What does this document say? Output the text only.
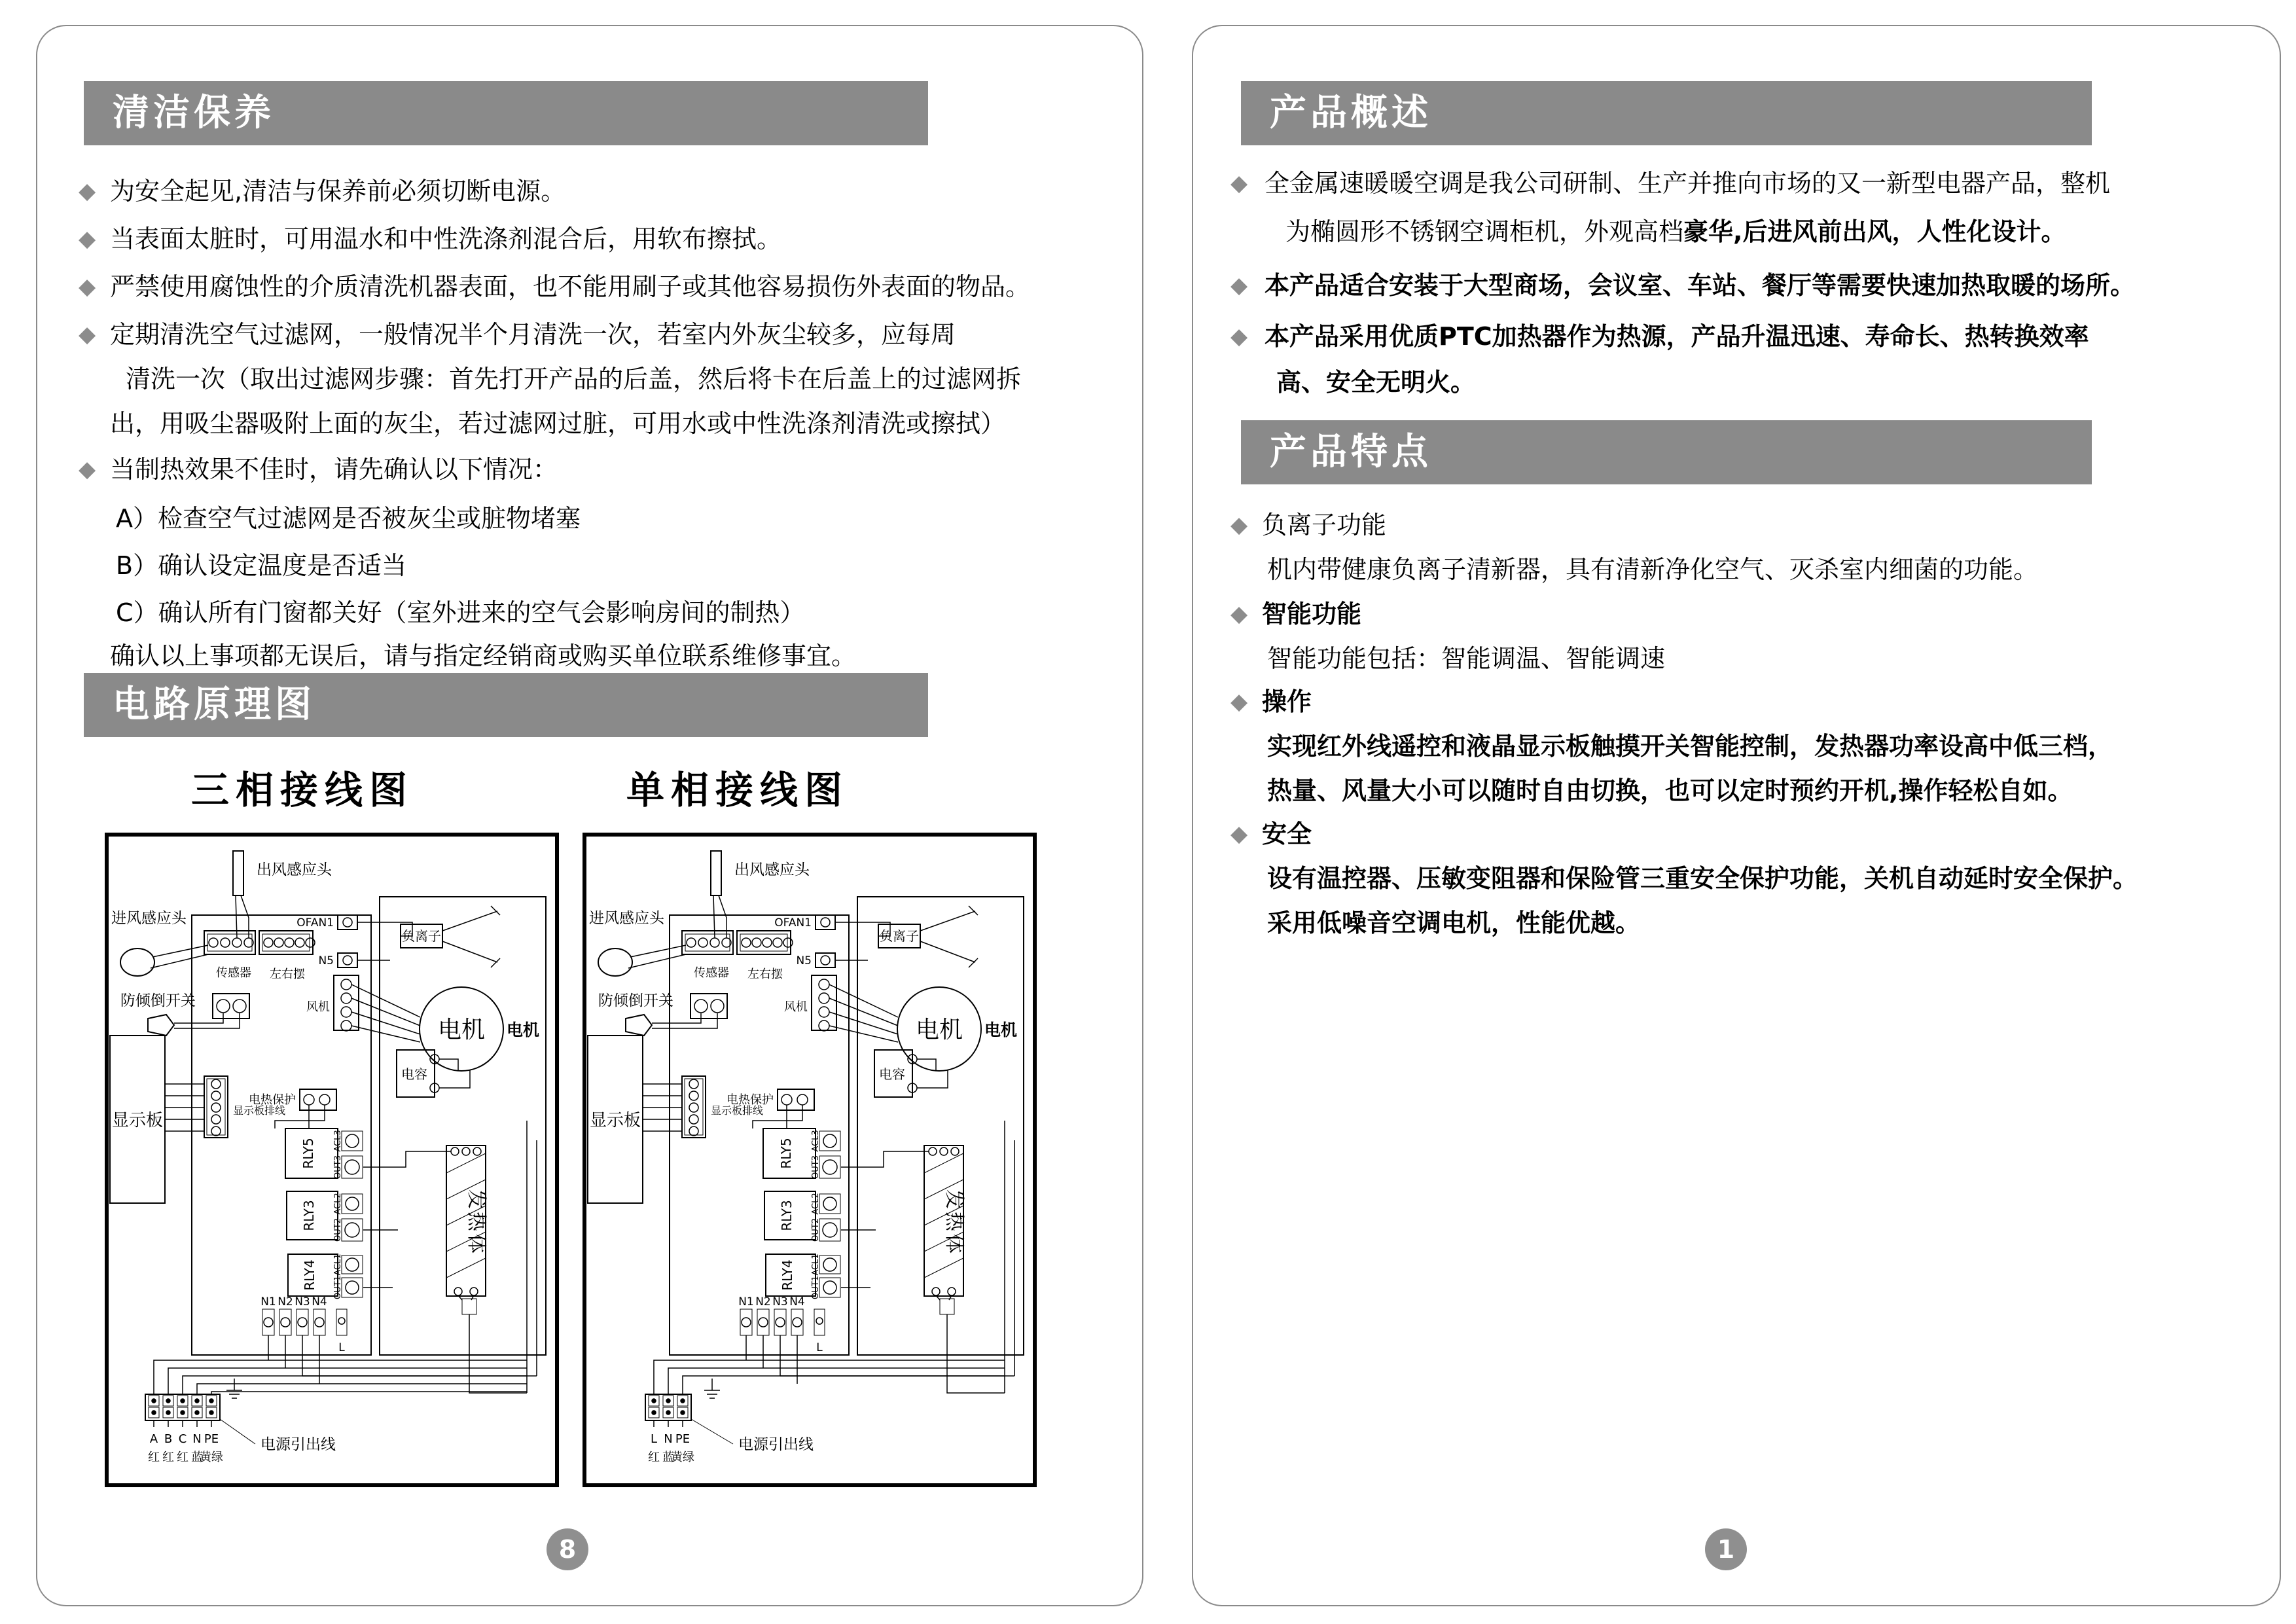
清洁保养
◆ 为安全起见,清洁与保养前必须切断电源。
◆ 当表面太脏时，可用温水和中性洗涤剂混合后，用软布擦拭。
◆ 严禁使用腐蚀性的介质清洗机器表面，也不能用刷子或其他容易损伤外表面的物品。
◆ 定期清洗空气过滤网，一般情况半个月清洗一次，若室内外灰尘较多，应每周
清洗一次（取出过滤网步骤：首先打开产品的后盖，然后将卡在后盖上的过滤网拆
出，用吸尘器吸附上面的灰尘，若过滤网过脏，可用水或中性洗涤剂清洗或擦拭）
◆ 当制热效果不佳时，请先确认以下情况：
A）检查空气过滤网是否被灰尘或脏物堵塞
B）确认设定温度是否适当
C）确认所有门窗都关好（室外进来的空气会影响房间的制热）
确认以上事项都无误后，请与指定经销商或购买单位联系维修事宜。
电路原理图
三相接线图	单相接线图
出风感应头
进风感应头
传感器 左右摆
防倾倒开关
OFAN1
N5
负离子
电机 电机
风机
电容
电热保护
RLY5 ACL3
OUT3
RLY3 ACL2
OUT2
RLY4 ACL1
OUT1
发热体
N1 N2 N3 N4
L
显示板
显示板排线
A
红
B
红
C
红
N
蓝
PE
黄绿
电源引出线
出风感应头
进风感应头
传感器 左右摆
防倾倒开关
OFAN1
N5
负离子
电机 电机
风机
电容
电热保护
RLY5 ACL3
OUT3
RLY3 ACL2
OUT2
RLY4 ACL1
OUT1
发热体
N1 N2 N3 N4
L
显示板
显示板排线
L
红
N
蓝
PE
黄绿
电源引出线
8
产品概述
◆ 全金属速暖暖空调是我公司研制、生产并推向市场的又一新型电器产品，整机
为椭圆形不锈钢空调柜机，外观高档豪华,后进风前出风，人性化设计。
◆ 本产品适合安装于大型商场，会议室、车站、餐厅等需要快速加热取暖的场所。
◆ 本产品采用优质PTC加热器作为热源，产品升温迅速、寿命长、热转换效率
高、安全无明火。
产品特点
◆ 负离子功能
机内带健康负离子清新器，具有清新净化空气、灭杀室内细菌的功能。
◆ 智能功能
智能功能包括：智能调温、智能调速
◆ 操作
实现红外线遥控和液晶显示板触摸开关智能控制，发热器功率设高中低三档，
热量、风量大小可以随时自由切换，也可以定时预约开机,操作轻松自如。
◆ 安全
设有温控器、压敏变阻器和保险管三重安全保护功能，关机自动延时安全保护。
采用低噪音空调电机，性能优越。
1
